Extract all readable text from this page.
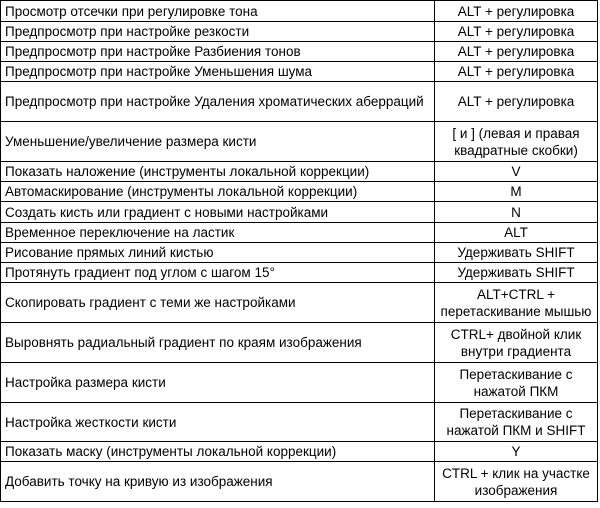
Просмотр отсечки при регулировке тона	ALT + регулировка
Предпросмотр при настройке резкости	ALT + регулировка
Предпросмотр при настройке Разбиения тонов	ALT + регулировка
Предпросмотр при настройке Уменьшения шума	ALT + регулировка
Предпросмотр при настройке Удаления хроматических аберраций	ALT + регулировка
Уменьшение/увеличение размера кисти	[ и ] (левая и правая квадратные скобки)
Показать наложение (инструменты локальной коррекции)	V
Автомаскирование (инструменты локальной коррекции)	M
Создать кисть или градиент с новыми настройками	N
Временное переключение на ластик	ALT
Рисование прямых линий кистью	Удерживать SHIFT
Протянуть градиент под углом с шагом 15°	Удерживать SHIFT
Скопировать градиент с теми же настройками	ALT+CTRL + перетаскивание мышью
Выровнять радиальный градиент по краям изображения	CTRL+ двойной клик внутри градиента
Настройка размера кисти	Перетаскивание с нажатой ПКМ
Настройка жесткости кисти	Перетаскивание с нажатой ПКМ и SHIFT
Показать маску (инструменты локальной коррекции)	Y
Добавить точку на кривую из изображения	CTRL + клик на участке изображения
